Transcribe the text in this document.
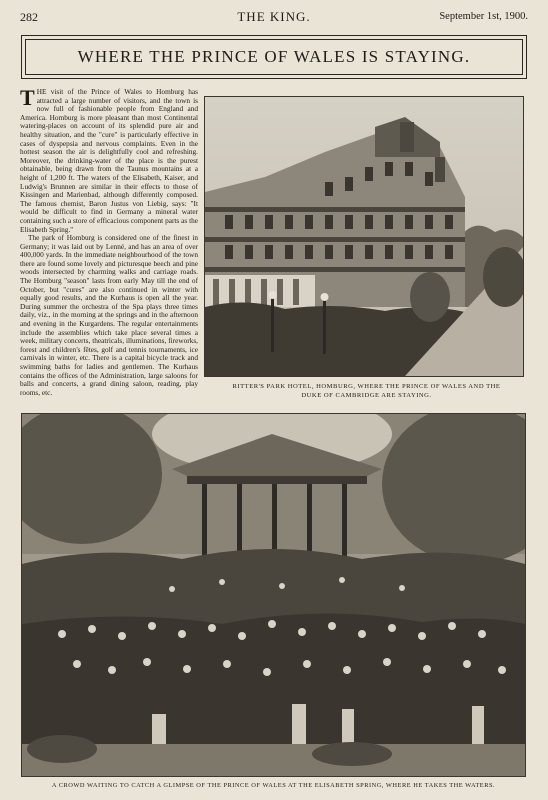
282	THE KING.	September 1st, 1900.
WHERE THE PRINCE OF WALES IS STAYING.

THE visit of the Prince of Wales to Homburg has attracted a large number of visitors, and the town is now full of fashionable people from England and America. Homburg is more pleasant than most Continental watering-places on account of its splendid pure air and healthy situation, and the "cure" is particularly effective in cases of dyspepsia and nervous complaints. Even in the hottest season the air is delightfully cool and refreshing. Moreover, the drinking-water of the place is the purest obtainable, being drawn from the Taunus mountains at a height of 1,200 ft. The waters of the Elisabeth, Kaiser, and Ludwig's Brunnen are similar in their effects to those of Kissingen and Marienbad, although differently composed. The famous chemist, Baron Justus von Liebig, says: "It would be difficult to find in Germany a mineral water containing such a store of efficacious component parts as the Elisabeth Spring."

The park of Homburg is considered one of the finest in Germany; it was laid out by Lenné, and has an area of over 400,000 yards. In the immediate neighbourhood of the town there are found some lovely and picturesque beech and pine woods intersected by charming walks and carriage roads. The Homburg "season" lasts from early May till the end of October, but "cures" are also continued in winter with equally good results, and the Kurhaus is open all the year. During summer the orchestra of the Spa plays three times daily, viz., in the morning at the springs and in the afternoon and evening in the Kurgardens. The regular entertainments include the assemblies which take place several times a week, military concerts, theatricals, illuminations, fireworks, forest and children's fêtes, golf and tennis tournaments, ice carnivals in winter, etc. There is a capital bicycle track and swimming baths for ladies and gentlemen. The Kurhaus contains the offices of the Administration, large saloons for balls and concerts, a grand dining saloon, reading, play rooms, etc.

RITTER'S PARK HOTEL, HOMBURG, WHERE THE PRINCE OF WALES AND THE DUKE OF CAMBRIDGE ARE STAYING.
A CROWD WAITING TO CATCH A GLIMPSE OF THE PRINCE OF WALES AT THE ELISABETH SPRING, WHERE HE TAKES THE WATERS.
